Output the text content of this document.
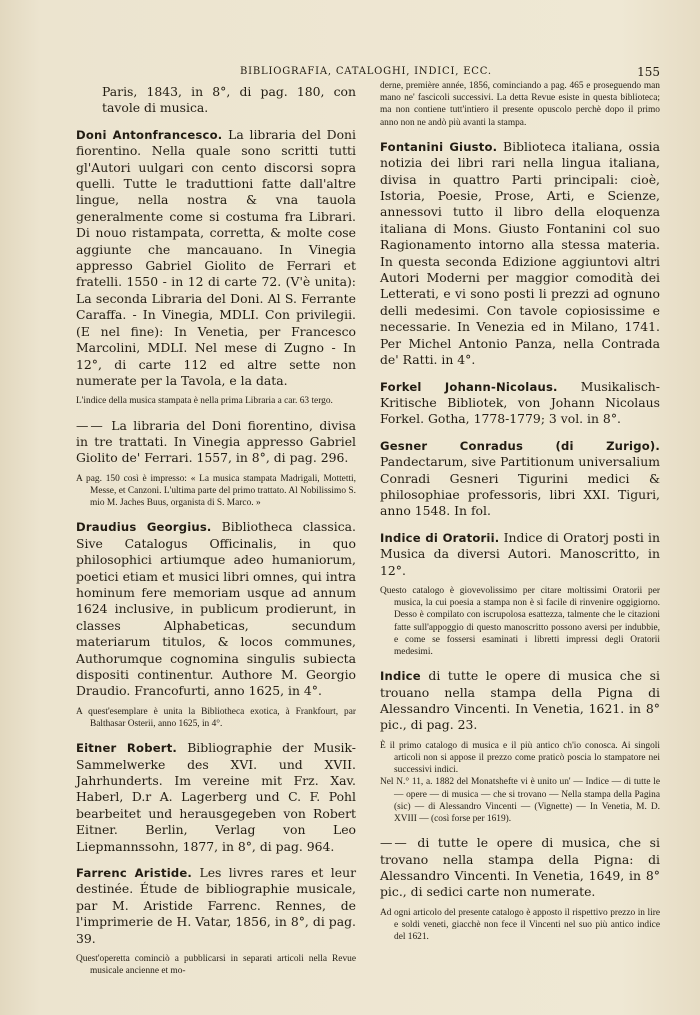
BIBLIOGRAFIA, CATALOGHI, INDICI, ECC.	155

Paris, 1843, in 8°, di pag. 180, con tavole di musica.

Doni Antonfrancesco. La libraria del Doni fiorentino. Nella quale sono scritti tutti gl'Autori uulgari con cento discorsi sopra quelli. Tutte le traduttioni fatte dall'altre lingue, nella nostra & vna tauola generalmente come si costuma fra Librari. Di nouo ristampata, corretta, & molte cose aggiunte che mancauano. In Vinegia appresso Gabriel Giolito de Ferrari et fratelli. 1550 - in 12 di carte 72. (V'è unita): La seconda Libraria del Doni. Al S. Ferrante Caraffa. - In Vinegia, MDLI. Con privilegii. (E nel fine): In Venetia, per Francesco Marcolini, MDLI. Nel mese di Zugno - In 12°, di carte 112 ed altre sette non numerate per la Tavola, e la data.

L'indice della musica stampata è nella prima Libraria a car. 63 tergo.

—— La libraria del Doni fiorentino, divisa in tre trattati. In Vinegia appresso Gabriel Giolito de' Ferrari. 1557, in 8°, di pag. 296.

A pag. 150 così è impresso: « La musica stampata Madrigali, Mottetti, Messe, et Canzoni. L'ultima parte del primo trattato. Al Nobilissimo S. mio M. Jaches Buus, organista di S. Marco. »

Draudius Georgius. Bibliotheca classica. Sive Catalogus Officinalis, in quo philosophici artiumque adeo humaniorum, poetici etiam et musici libri omnes, qui intra hominum fere memoriam usque ad annum 1624 inclusive, in publicum prodierunt, in classes Alphabeticas, secundum materiarum titulos, & locos communes, Authorumque cognomina singulis subiecta dispositi continentur. Authore M. Georgio Draudio. Francofurti, anno 1625, in 4°.

A quest'esemplare è unita la Bibliotheca exotica, à Frankfourt, par Balthasar Osterii, anno 1625, in 4°.

Eitner Robert. Bibliographie der Musik-Sammelwerke des XVI. und XVII. Jahrhunderts. Im vereine mit Frz. Xav. Haberl, D.r A. Lagerberg und C. F. Pohl bearbeitet und herausgegeben von Robert Eitner. Berlin, Verlag von Leo Liepmannssohn, 1877, in 8°, di pag. 964.

Farrenc Aristide. Les livres rares et leur destinée. Étude de bibliographie musicale, par M. Aristide Farrenc. Rennes, de l'imprimerie de H. Vatar, 1856, in 8°, di pag. 39.

Quest'operetta cominciò a pubblicarsi in separati articoli nella Revue musicale ancienne et mo-

derne, première année, 1856, cominciando a pag. 465 e proseguendo man mano ne' fascicoli successivi. La detta Revue esiste in questa biblioteca; ma non contiene tutt'intiero il presente opuscolo perchè dopo il primo anno non ne andò più avanti la stampa.

Fontanini Giusto. Biblioteca italiana, ossia notizia dei libri rari nella lingua italiana, divisa in quattro Parti principali: cioè, Istoria, Poesie, Prose, Arti, e Scienze, annessovi tutto il libro della eloquenza italiana di Mons. Giusto Fontanini col suo Ragionamento intorno alla stessa materia. In questa seconda Edizione aggiuntovi altri Autori Moderni per maggior comodità dei Letterati, e vi sono posti li prezzi ad ognuno delli medesimi. Con tavole copiosissime e necessarie. In Venezia ed in Milano, 1741. Per Michel Antonio Panza, nella Contrada de' Ratti. in 4°.

Forkel Johann-Nicolaus. Musikalisch-Kritische Bibliotek, von Johann Nicolaus Forkel. Gotha, 1778-1779; 3 vol. in 8°.

Gesner Conradus (di Zurigo). Pandectarum, sive Partitionum universalium Conradi Gesneri Tigurini medici & philosophiae professoris, libri XXI. Tiguri, anno 1548. In fol.

Indice di Oratorii. Indice di Oratorj posti in Musica da diversi Autori. Manoscritto, in 12°.

Questo catalogo è giovevolissimo per citare moltissimi Oratorii per musica, la cui poesia a stampa non è sì facile di rinvenire oggigiorno. Desso è compilato con iscrupolosa esattezza, talmente che le citazioni fatte sull'appoggio di questo manoscritto possono aversi per indubbie, e come se fossersi esaminati i libretti impressi degli Oratorii medesimi.

Indice di tutte le opere di musica che si trouano nella stampa della Pigna di Alessandro Vincenti. In Venetia, 1621. in 8° pic., di pag. 23.

È il primo catalogo di musica e il più antico ch'io conosca. Ai singoli articoli non si appose il prezzo come praticò poscia lo stampatore nei successivi indici.

Nel N.° 11, a. 1882 del Monatshefte vi è unito un' — Indice — di tutte le — opere — di musica — che si trovano — Nella stampa della Pagina (sic) — di Alessandro Vincenti — (Vignette) — In Venetia, M. D. XVIII — (così forse per 1619).

—— di tutte le opere di musica, che si trovano nella stampa della Pigna: di Alessandro Vincenti. In Venetia, 1649, in 8° pic., di sedici carte non numerate.

Ad ogni articolo del presente catalogo è apposto il rispettivo prezzo in lire e soldi veneti, giacchè non fece il Vincenti nel suo più antico indice del 1621.
